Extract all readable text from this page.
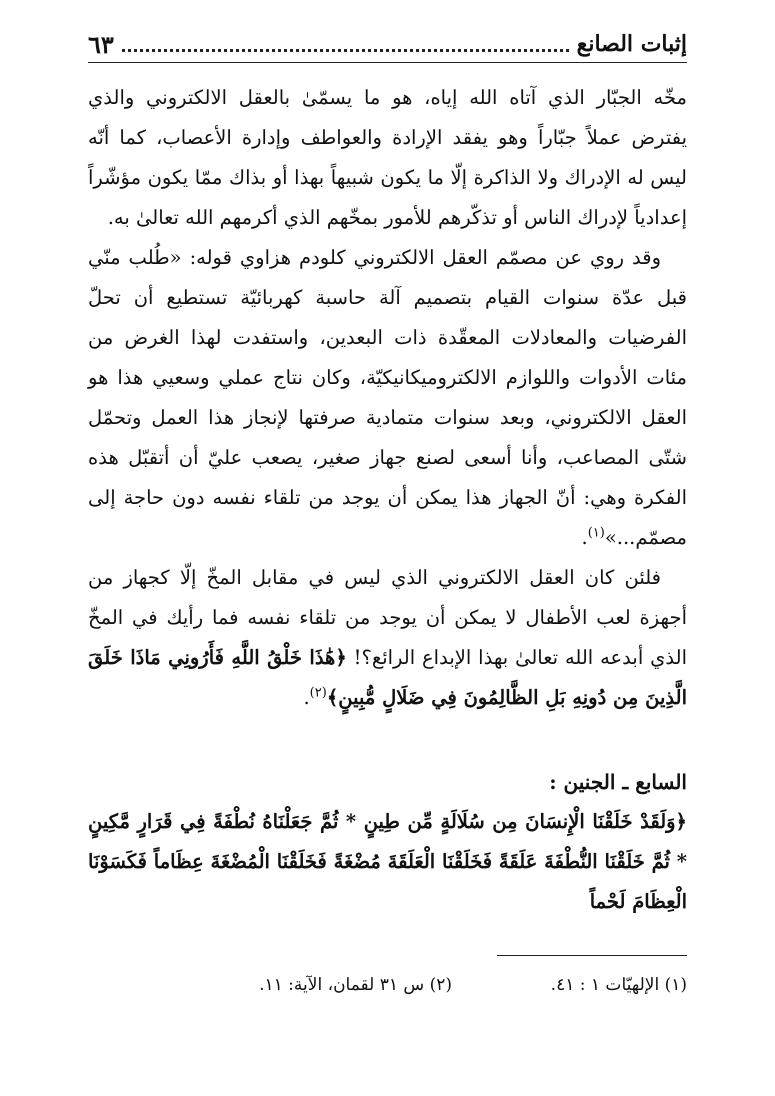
إثبات الصانع
٦٣

مخّه الجبّار الذي آتاه الله إياه، هو ما يسمّىٰ بالعقل الالكتروني والذي يفترض عملاً جبّاراً وهو يفقد الإرادة والعواطف وإدارة الأعصاب، كما أنّه ليس له الإدراك ولا الذاكرة إلّا ما يكون شبيهاً بهذا أو بذاك ممّا يكون مؤشّراً إعدادياً لإدراك الناس أو تذكّرهم للأمور بمخّهم الذي أكرمهم الله تعالىٰ به.

وقد روي عن مصمّم العقل الالكتروني كلودم هزاوي قوله: «طُلب منّي قبل عدّة سنوات القيام بتصميم آلة حاسبة كهربائيّة تستطيع أن تحلّ الفرضيات والمعادلات المعقّدة ذات البعدين، واستفدت لهذا الغرض من مئات الأدوات واللوازم الالكتروميكانيكيّة، وكان نتاج عملي وسعيي هذا هو العقل الالكتروني، وبعد سنوات متمادية صرفتها لإنجاز هذا العمل وتحمّل شتّى المصاعب، وأنا أسعى لصنع جهاز صغير، يصعب عليّ أن أتقبّل هذه الفكرة وهي: أنّ الجهاز هذا يمكن أن يوجد من تلقاء نفسه دون حاجة إلى مصمّم...»$^{(١)}$.

فلئن كان العقل الالكتروني الذي ليس في مقابل المخّ إلّا كجهاز من أجهزة لعب الأطفال لا يمكن أن يوجد من تلقاء نفسه فما رأيك في المخّ الذي أبدعه الله تعالىٰ بهذا الإبداع الرائع؟! ﴿هَٰذَا خَلْقُ اللَّهِ فَأَرُونِي مَاذَا خَلَقَ الَّذِينَ مِن دُونِهِ بَلِ الظَّالِمُونَ فِي ضَلَالٍ مُّبِينٍ﴾$^{(٢)}$.

السابع ـ الجنين :

﴿وَلَقَدْ خَلَقْنَا الْإِنسَانَ مِن سُلَالَةٍ مِّن طِينٍ * ثُمَّ جَعَلْنَاهُ نُطْفَةً فِي قَرَارٍ مَّكِينٍ * ثُمَّ خَلَقْنَا النُّطْفَةَ عَلَقَةً فَخَلَقْنَا الْعَلَقَةَ مُضْغَةً فَخَلَقْنَا الْمُضْغَةَ عِظَاماً فَكَسَوْنَا الْعِظَامَ لَحْماً

(١) الإلهيّات ١ : ٤١.
(٢) س ٣١ لقمان، الآية: ١١.
